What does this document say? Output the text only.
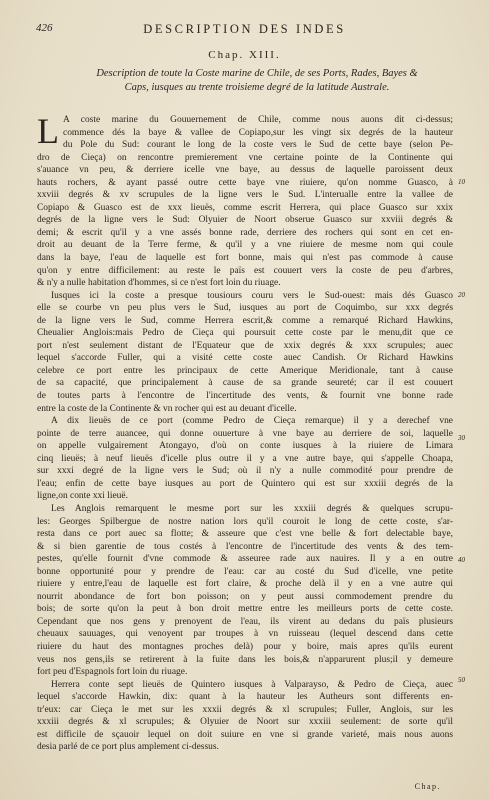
426	DESCRIPTION DES INDES
Chap. XIII.
Description de toute la Coste marine de Chile, de ses Ports, Rades, Bayes &
Caps, iusques au trente troisieme degré de la latitude Australe.
L A coste marine du Gouuernement de Chile, comme nous auons dit ci-dessus;
commence dés la baye & vallee de Copiapo,sur les vingt six degrés de la hauteur
du Pole du Sud: courant le long de la coste vers le Sud de cette baye (selon Pe-
dro de Cieça) on rencontre premierement vne certaine pointe de la Continente qui
s'auance vn peu, & derriere icelle vne baye, au dessus de laquelle paroissent deux
hauts rochers, & ayant passé outre cette baye vne riuiere, qu'on nomme Guasco, à
xxviii degrés & xv scrupules de la ligne vers le Sud. L'interualle entre la vallee de
Copiapo & Guasco est de xxx lieuës, comme escrit Herrera, qui place Guasco sur xxix
degrés de la ligne vers le Sud: Olyuier de Noort obserue Guasco sur xxviii degrés &
demi; & escrit qu'il y a vne assés bonne rade, derriere des rochers qui sont en cet en-
droit au deuant de la Terre ferme, & qu'il y a vne riuiere de mesme nom qui coule
dans la baye, l'eau de laquelle est fort bonne, mais qui n'est pas commode à cause
qu'on y entre difficilement: au reste le païs est couuert vers la coste de peu d'arbres,
& n'y a nulle habitation d'hommes, si ce n'est fort loin du riuage.
Iusques ici la coste a presque tousiours couru vers le Sud-ouest: mais dés Guasco
elle se courbe vn peu plus vers le Sud, iusques au port de Coquimbo, sur xxx degrés
de la ligne vers le Sud, comme Herrera escrit,& comme a remarqué Richard Hawkins,
Cheualier Anglois:mais Pedro de Cieça qui poursuit cette coste par le menu,dit que ce
port n'est seulement distant de l'Equateur que de xxix degrés & xxx scrupules; auec
lequel s'accorde Fuller, qui a visité cette coste auec Candish. Or Richard Hawkins
celebre ce port entre les principaux de cette Amerique Meridionale, tant à cause
de sa capacité, que principalement à cause de sa grande seureté; car il est couuert
de toutes parts à l'encontre de l'incertitude des vents, & fournit vne bonne rade
entre la coste de la Continente & vn rocher qui est au deuant d'icelle.
A dix lieuës de ce port (comme Pedro de Cieça remarque) il y a derechef vne
pointe de terre auancee, qui donne ouuerture à vne baye au derriere de soi, laquelle
on appelle vulgairement Atongayo, d'où on conte iusques à la riuiere de Limara
cinq lieuës; à neuf lieuës d'icelle plus outre il y a vne autre baye, qui s'appelle Choapa,
sur xxxi degré de la ligne vers le Sud; où il n'y a nulle commodité pour prendre de
l'eau; enfin de cette baye iusques au port de Quintero qui est sur xxxiii degrés de la
ligne,on conte xxi lieuë.
Les Anglois remarquent le mesme port sur les xxxiii degrés & quelques scrupu-
les: Georges Spilbergue de nostre nation lors qu'il couroit le long de cette coste, s'ar-
resta dans ce port auec sa flotte; & asseure que c'est vne belle & fort delectable baye,
& si bien garentie de tous costés à l'encontre de l'incertitude des vents & des tem-
pestes, qu'elle fournit d'vne commode & asseuree rade aux nauires. Il y a en outre
bonne opportunité pour y prendre de l'eau: car au costé du Sud d'icelle, vne petite
riuiere y entre,l'eau de laquelle est fort claire, & proche delà il y en a vne autre qui
nourrit abondance de fort bon poisson; on y peut aussi commodement prendre du
bois; de sorte qu'on la peut à bon droit mettre entre les meilleurs ports de cette coste.
Cependant que nos gens y prenoyent de l'eau, ils virent au dedans du païs plusieurs
cheuaux sauuages, qui venoyent par troupes à vn ruisseau (lequel descend dans cette
riuiere du haut des montagnes proches delà) pour y boire, mais apres qu'ils eurent
veus nos gens,ils se retirerent à la fuite dans les bois,& n'apparurent plus;il y demeure
fort peu d'Espagnols fort loin du riuage.
Herrera conte sept lieuës de Quintero iusques à Valparayso, & Pedro de Cieça, auec
lequel s'accorde Hawkin, dix: quant à la hauteur les Autheurs sont differents en-
tr'eux: car Cieça le met sur les xxxii degrés & xl scrupules; Fuller, Anglois, sur les
xxxiii degrés & xl scrupules; & Olyuier de Noort sur xxxiii seulement: de sorte qu'il
est difficile de sçauoir lequel on doit suiure en vne si grande varieté, mais nous auons
desia parlé de ce port plus amplement ci-dessus.
10
20
30
40
50
Chap.
